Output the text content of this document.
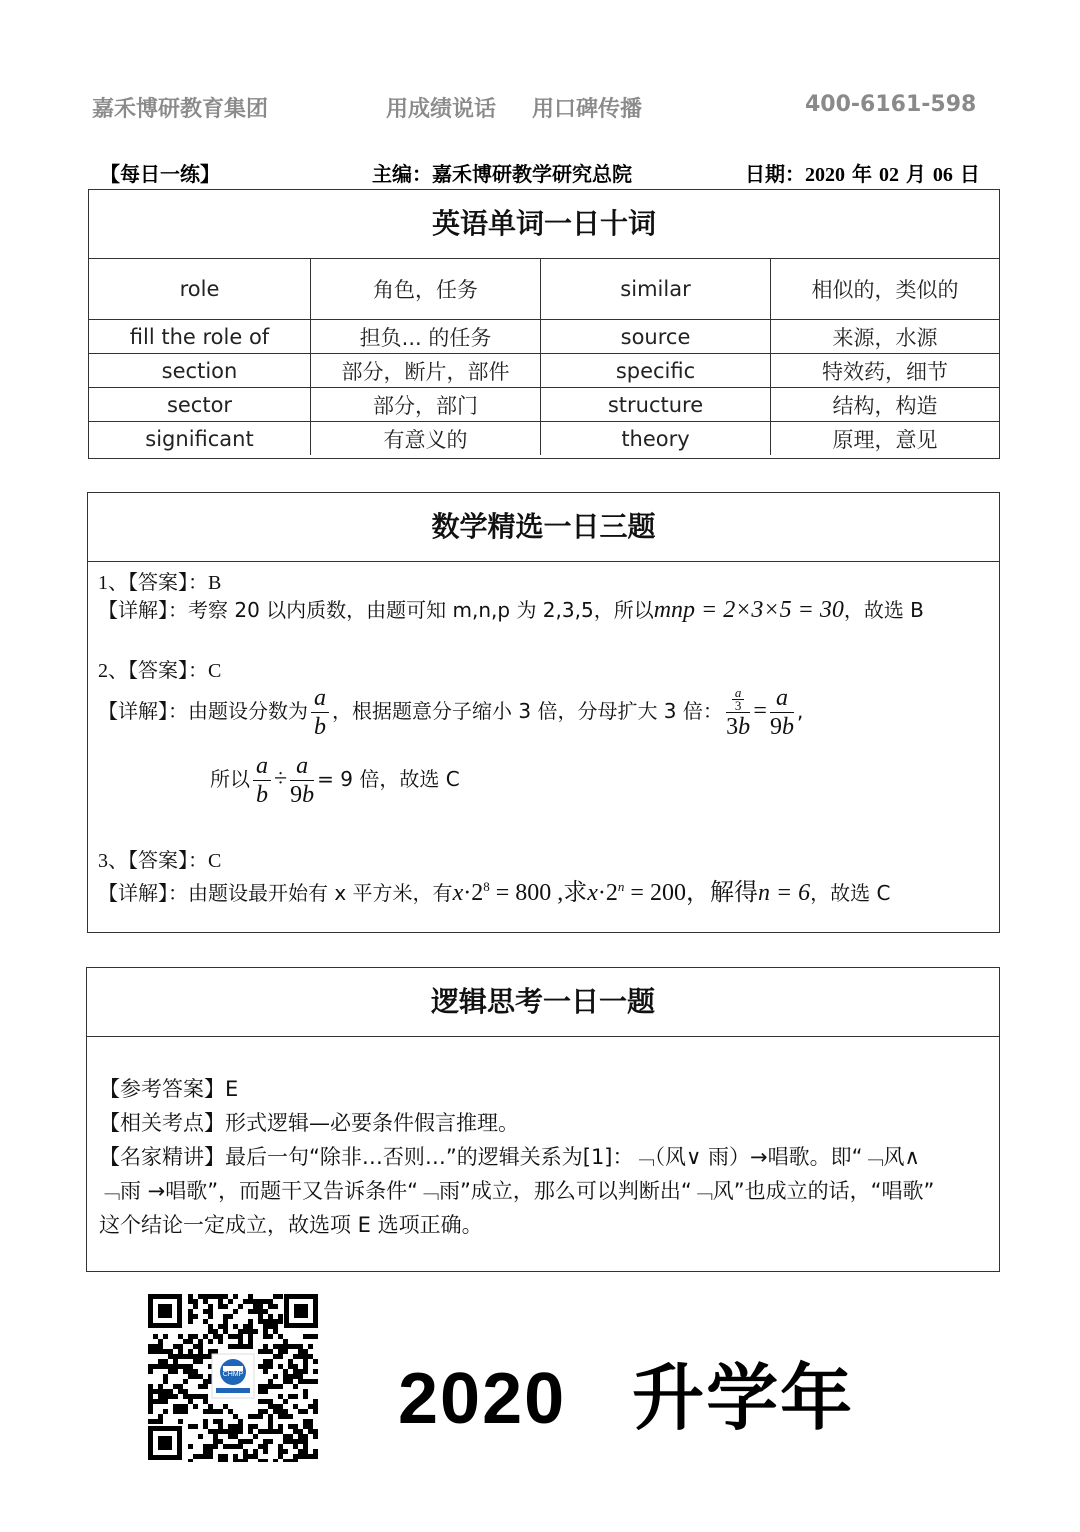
嘉禾博研教育集团	用成绩说话 用口碑传播	400-6161-598
【每日一练】	主编：嘉禾博研教学研究总院	日期：2020 年 02 月 06 日
英语单词一日十词
role	角色，任务	similar	相似的，类似的
fill the role of	担负... 的任务	source	来源，水源
section	部分，断片，部件	specific	特效药，细节
sector	部分，部门	structure	结构，构造
significant	有意义的	theory	原理，意见
数学精选一日三题
1、【答案】：B
【详解】：考察 20 以内质数，由题可知 m,n,p 为 2,3,5，所以mnp = 2×3×5 = 30，故选 B
2、【答案】：C
【详解】：由题设分数为 $\frac{a}{b}$ ，根据题意分子缩小 3 倍，分母扩大 3 倍： $\frac{\frac{a}{3}}{3b} = \frac{a}{9b}$ ,
所以 $\frac{a}{b} \div \frac{a}{9b} = 9$ 倍，故选 C
3、【答案】：C
【详解】：由题设最开始有 x 平方米，有$x\cdot 2^8 = 800$ ,求$x\cdot 2^n = 200$，解得n = 6，故选 C
逻辑思考一日一题
【参考答案】E
【相关考点】形式逻辑—必要条件假言推理。
【名家精讲】最后一句“除非…否则…”的逻辑关系为[1]：﹁（风∨ 雨）→唱歌。即“﹁风∧
﹁雨 →唱歌”，而题干又告诉条件“﹁雨”成立，那么可以判断出“﹁风”也成立的话，“唱歌”
这个结论一定成立，故选项 E 选项正确。
CHMP 2020   升学年
